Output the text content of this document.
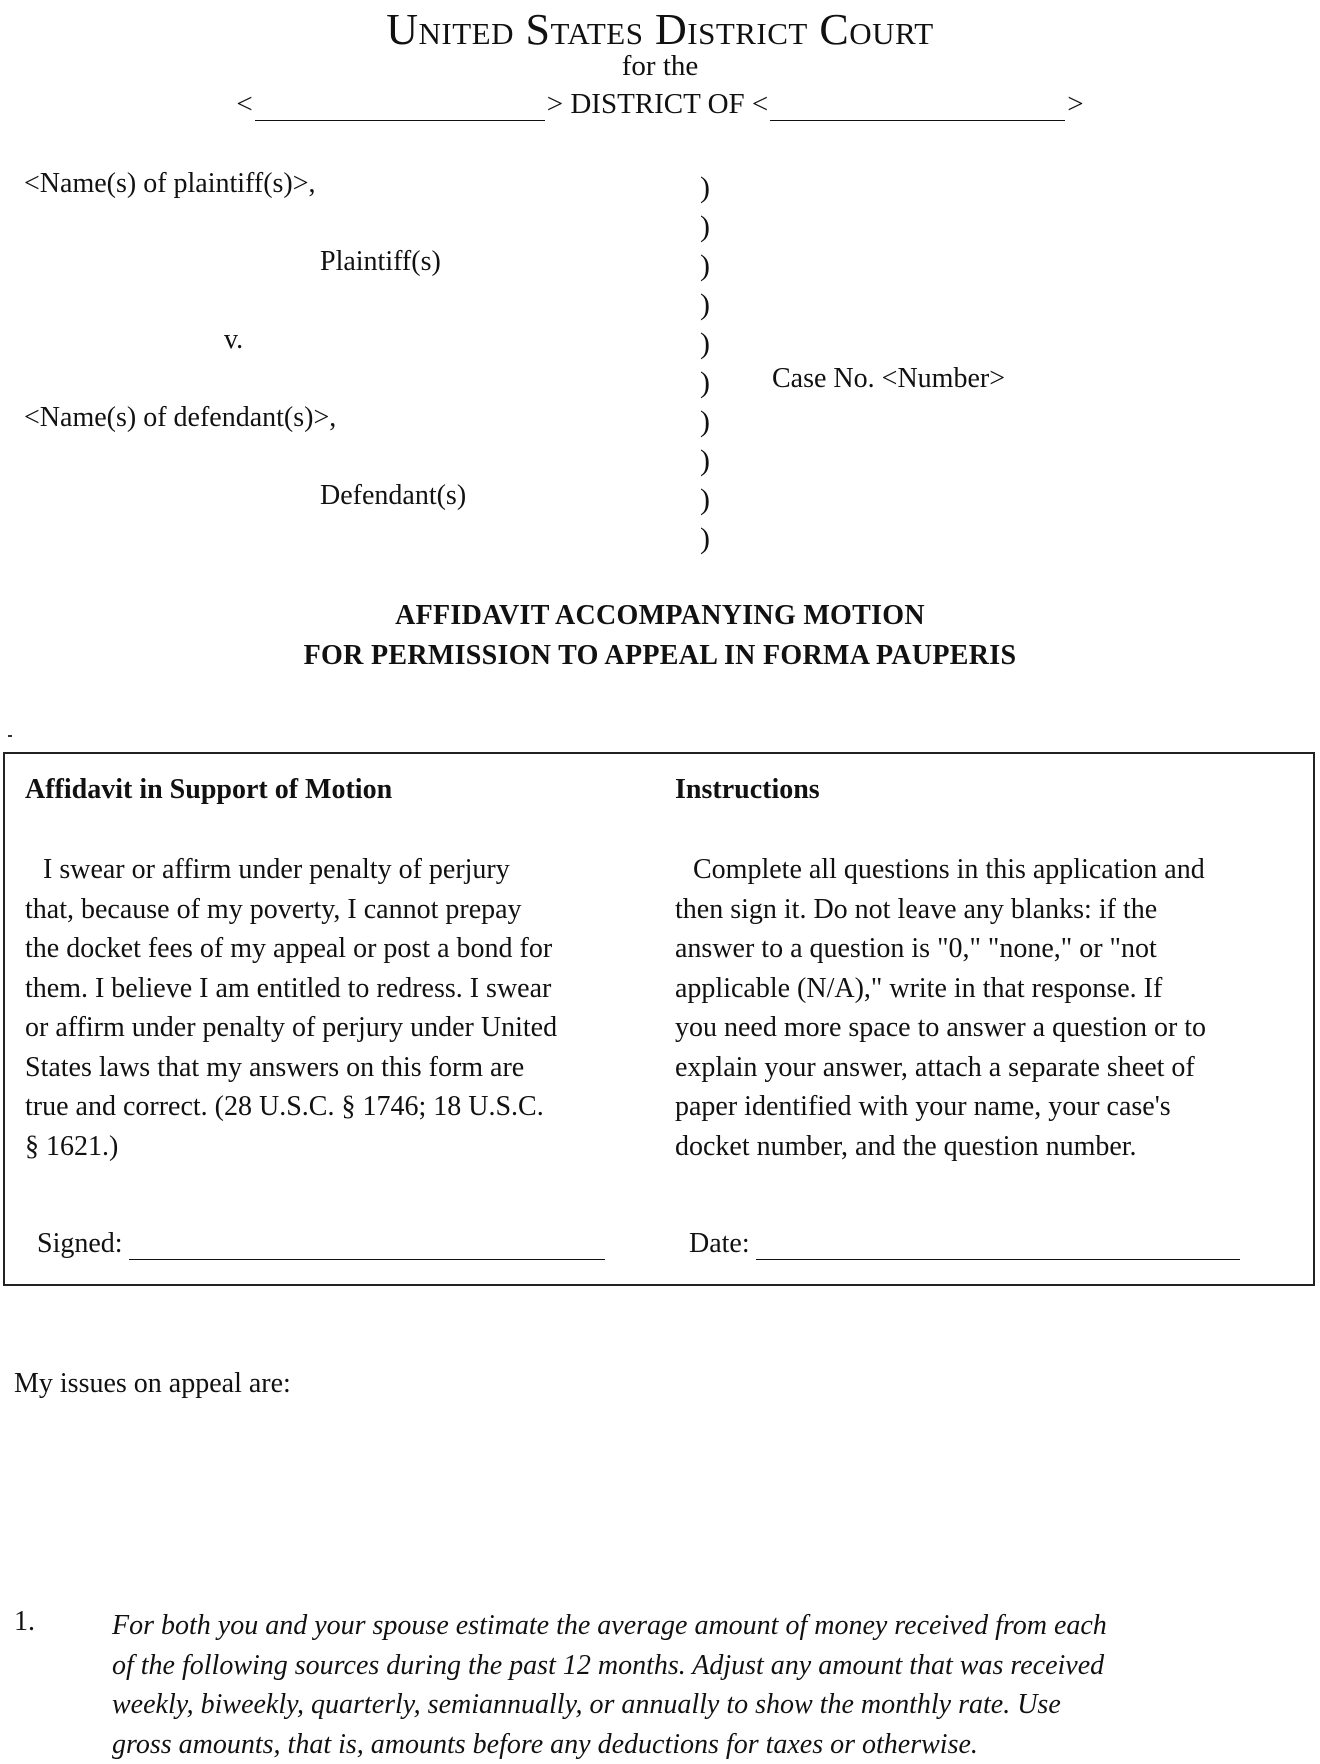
United States District Court
for the
<	> DISTRICT OF <	>
<Name(s) of plaintiff(s)>,
Plaintiff(s)
v.
Case No. <Number>
<Name(s) of defendant(s)>,
Defendant(s)
)
)
)
)
)
)
)
)
)
)
AFFIDAVIT ACCOMPANYING MOTION
FOR PERMISSION TO APPEAL IN FORMA PAUPERIS
Affidavit in Support of Motion	Instructions
I swear or affirm under penalty of perjury
that, because of my poverty, I cannot prepay
the docket fees of my appeal or post a bond for
them. I believe I am entitled to redress. I swear
or affirm under penalty of perjury under United
States laws that my answers on this form are
true and correct. (28 U.S.C. § 1746; 18 U.S.C.
§ 1621.)
Complete all questions in this application and
then sign it. Do not leave any blanks: if the
answer to a question is "0," "none," or "not
applicable (N/A)," write in that response. If
you need more space to answer a question or to
explain your answer, attach a separate sheet of
paper identified with your name, your case's
docket number, and the question number.
Signed:	Date:
My issues on appeal are:
1.	For both you and your spouse estimate the average amount of money received from each
of the following sources during the past 12 months. Adjust any amount that was received
weekly, biweekly, quarterly, semiannually, or annually to show the monthly rate. Use
gross amounts, that is, amounts before any deductions for taxes or otherwise.
